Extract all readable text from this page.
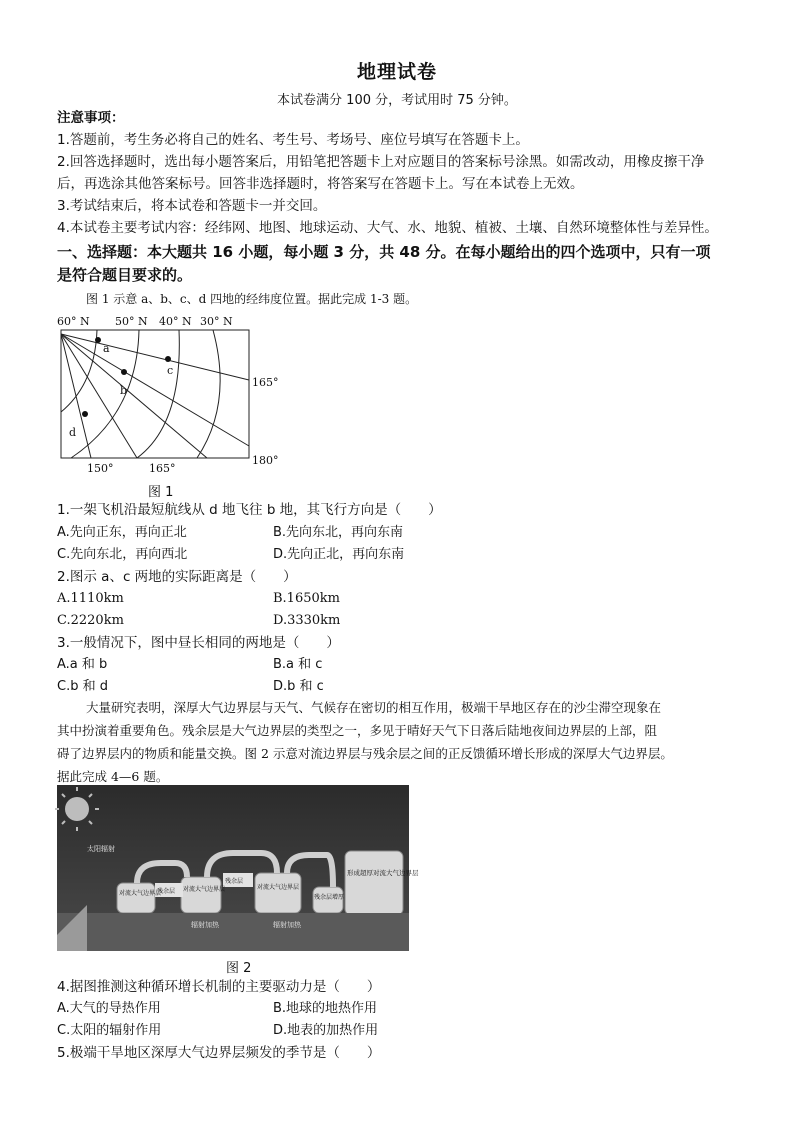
地理试卷
本试卷满分 100 分，考试用时 75 分钟。
注意事项：
1.答题前，考生务必将自己的姓名、考生号、考场号、座位号填写在答题卡上。
2.回答选择题时，选出每小题答案后，用铅笔把答题卡上对应题目的答案标号涂黑。如需改动，用橡皮擦干净
后，再选涂其他答案标号。回答非选择题时，将答案写在答题卡上。写在本试卷上无效。
3.考试结束后，将本试卷和答题卡一并交回。
4.本试卷主要考试内容：经纬网、地图、地球运动、大气、水、地貌、植被、土壤、自然环境整体性与差异性。
一、选择题：本大题共 16 小题，每小题 3 分，共 48 分。在每小题给出的四个选项中，只有一项
是符合题目要求的。
图 1 示意 a、b、c、d 四地的经纬度位置。据此完成 1-3 题。
60° N 50° N 40° N 30° N
150°	165°
165°
180°
a
b
c
d
图 1
1.一架飞机沿最短航线从 d 地飞往 b 地，其飞行方向是（　　）
A.先向正东，再向正北	B.先向东北，再向东南
C.先向东北，再向西北	D.先向正北，再向东南
2.图示 a、c 两地的实际距离是（　　）
A.1110km	B.1650km
C.2220km	D.3330km
3.一般情况下，图中昼长相同的两地是（　　）
A.a 和 b	B.a 和 c
C.b 和 d	D.b 和 c
大量研究表明，深厚大气边界层与天气、气候存在密切的相互作用，极端干旱地区存在的沙尘滞空现象在
其中扮演着重要角色。残余层是大气边界层的类型之一，多见于晴好天气下日落后陆地夜间边界层的上部，阻
碍了边界层内的物质和能量交换。图 2 示意对流边界层与残余层之间的正反馈循环增长形成的深厚大气边界层。
据此完成 4—6 题。
对流大气边界层
残余层 对流大气边界层
残余层
对流大气边界层
残余层增厚
形成超厚对流大气边界层
太阳辐射
辐射加热	辐射加热
图 2
4.据图推测这种循环增长机制的主要驱动力是（　　）
A.大气的导热作用	B.地球的地热作用
C.太阳的辐射作用	D.地表的加热作用
5.极端干旱地区深厚大气边界层频发的季节是（　　）
